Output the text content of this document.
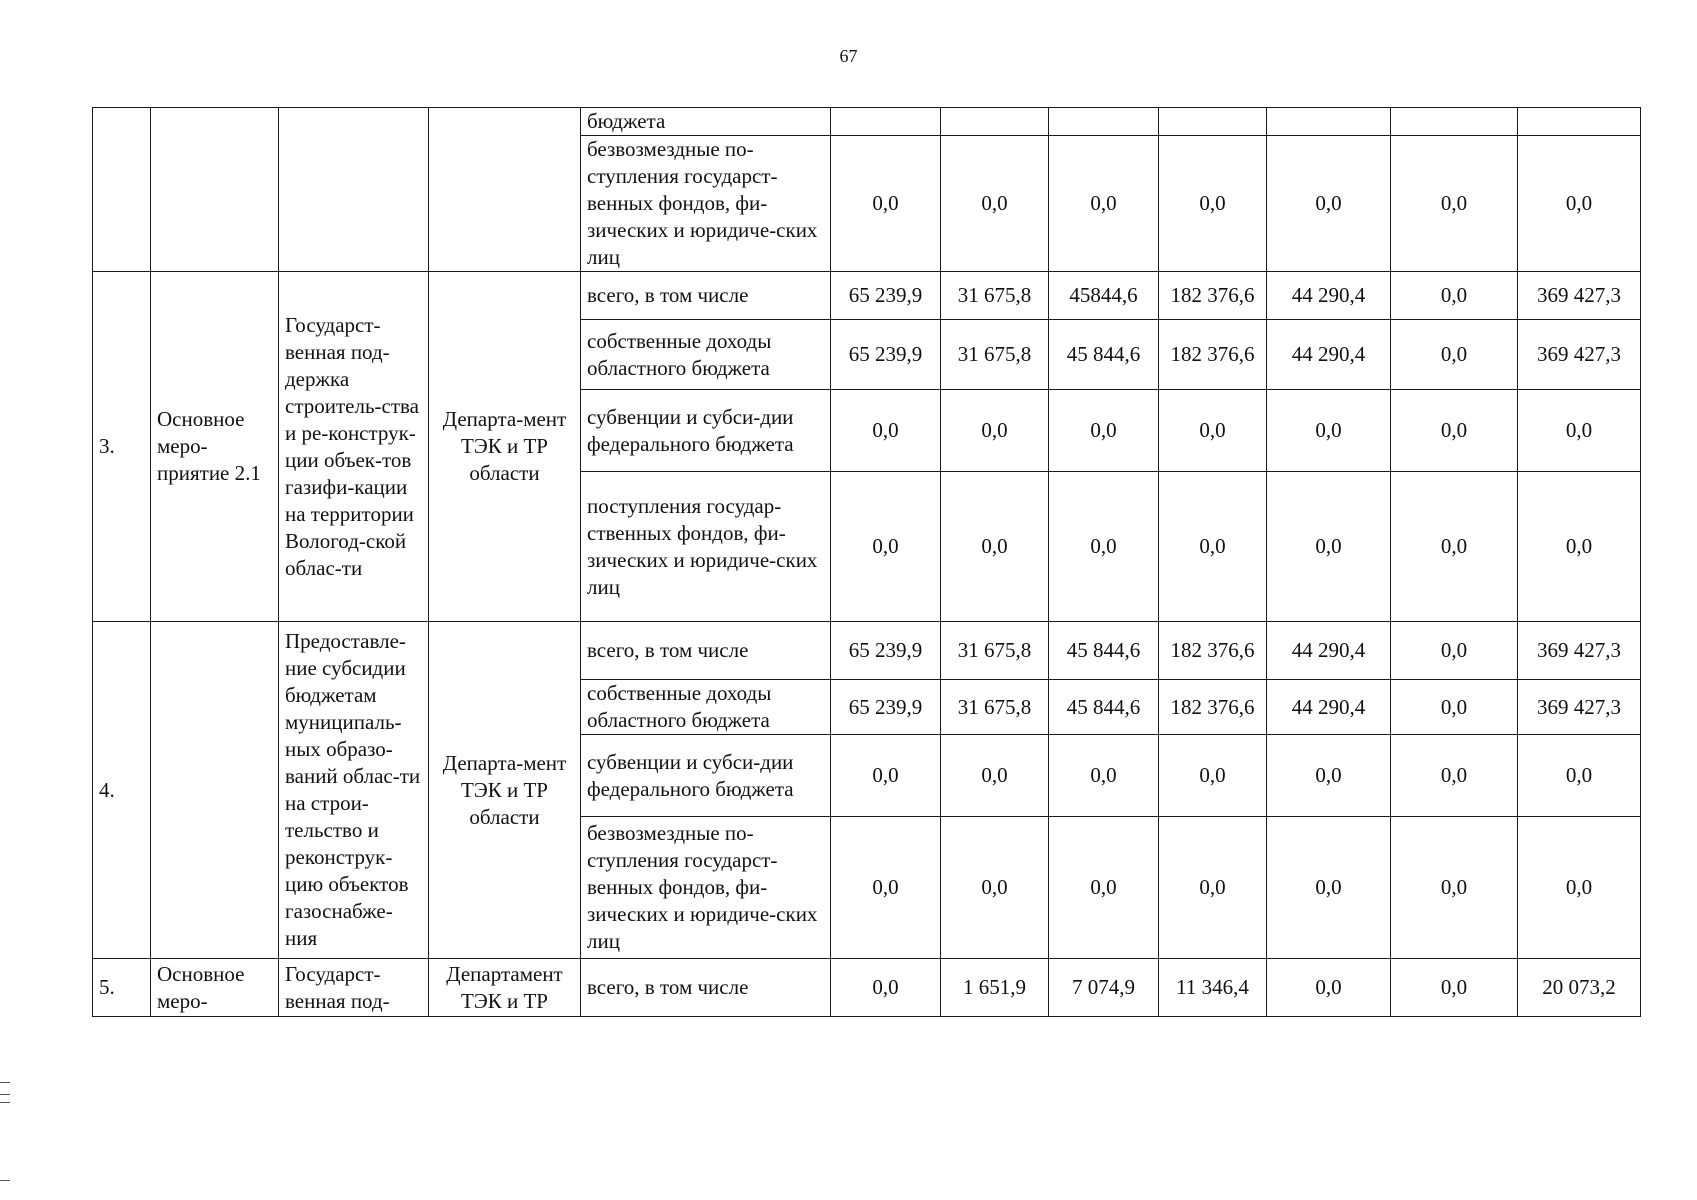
67
				бюджета							
				безвозмездные по-ступления государст-венных фондов, фи-зических и юридиче-ских лиц	0,0	0,0	0,0	0,0	0,0	0,0	0,0
3.	Основное меро-приятие 2.1	Государст-венная под-держка строитель-ства и ре-конструк-ции объек-тов газифи-кации на территории Вологод-ской облас-ти	Департа-мент ТЭК и ТР области	всего, в том числе	65 239,9	31 675,8	45844,6	182 376,6	44 290,4	0,0	369 427,3
				собственные доходы областного бюджета	65 239,9	31 675,8	45 844,6	182 376,6	44 290,4	0,0	369 427,3
				субвенции и субси-дии федерального бюджета	0,0	0,0	0,0	0,0	0,0	0,0	0,0
				поступления государ-ственных фондов, фи-зических и юридиче-ских лиц	0,0	0,0	0,0	0,0	0,0	0,0	0,0
4.		Предоставле-ние субсидии бюджетам муниципаль-ных образо-ваний облас-ти на строи-тельство и реконструк-цию объектов газоснабже-ния	Департа-мент ТЭК и ТР области	всего, в том числе	65 239,9	31 675,8	45 844,6	182 376,6	44 290,4	0,0	369 427,3
				собственные доходы областного бюджета	65 239,9	31 675,8	45 844,6	182 376,6	44 290,4	0,0	369 427,3
				субвенции и субси-дии федерального бюджета	0,0	0,0	0,0	0,0	0,0	0,0	0,0
				безвозмездные по-ступления государст-венных фондов, фи-зических и юридиче-ских лиц	0,0	0,0	0,0	0,0	0,0	0,0	0,0
5.	Основное меро-	Государст-венная под-	Департамент ТЭК и ТР	всего, в том числе	0,0	1 651,9	7 074,9	11 346,4	0,0	0,0	20 073,2
